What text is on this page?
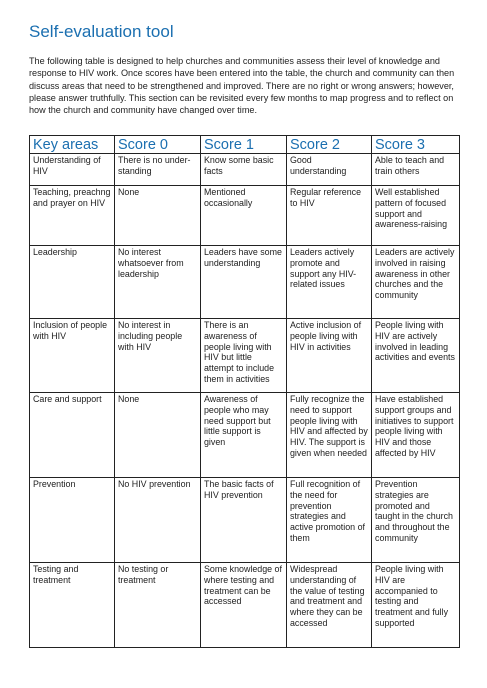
Self-evaluation tool

The following table is designed to help churches and communities assess their level of knowledge and response to HIV work. Once scores have been entered into the table, the church and community can then discuss areas that need to be strengthened and improved. There are no right or wrong answers; however, please answer truthfully. This section can be revisited every few months to map progress and to reflect on how the church and community have changed over time.

Key areas	Score 0	Score 1	Score 2	Score 3
Understanding of HIV	There is no under-standing	Know some basic facts	Good understanding	Able to teach and train others
Teaching, preachng and prayer on HIV	None	Mentioned occasionally	Regular reference to HIV	Well established pattern of focused support and awareness-raising
Leadership	No interest whatsoever from leadership	Leaders have some understanding	Leaders actively promote and support any HIV-related issues	Leaders are actively involved in raising awareness in other churches and the community
Inclusion of people with HIV	No interest in including people with HIV	There is an awareness of people living with HIV but little attempt to include them in activities	Active inclusion of people living with HIV in activities	People living with HIV are actively involved in leading activities and events
Care and support	None	Awareness of people who may need support but little support is given	Fully recognize the need to support people living with HIV and affected by HIV. The support is given when needed	Have established support groups and initiatives to support people living with HIV and those affected by HIV
Prevention	No HIV prevention	The basic facts of HIV prevention	Full recognition of the need for prevention strategies and active promotion of them	Prevention strategies are promoted and taught in the church and throughout the community
Testing and treatment	No testing or treatment	Some knowledge of where testing and treatment can be accessed	Widespread understanding of the value of testing and treatment and where they can be accessed	People living with HIV are accompanied to testing and treatment and fully supported
